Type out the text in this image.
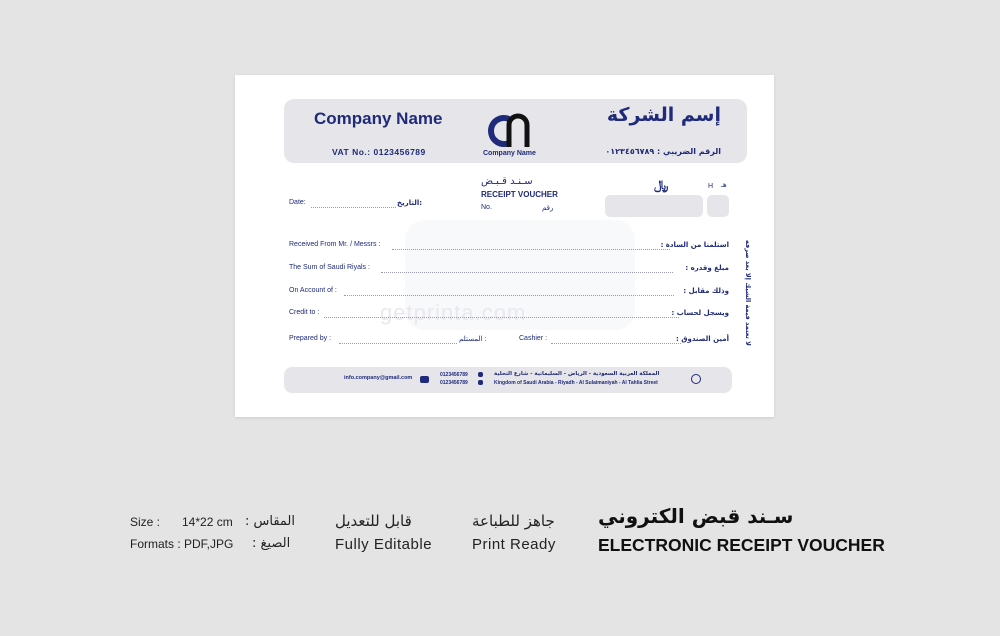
getprinta.com
Company Name
VAT No.: 0123456789	Company Name
إسم الشركة
الرقم الضريبي : ٠١٢٣٤٥٦٧٨٩
سـنـد قـبـض
RECEIPT VOUCHER
No.	رقم
﷼	H هـ
Date:	التاريخ:
Received From Mr. / Messrs :	استلمنا من السادة :
The Sum of Saudi Riyals :	مبلغ وقدره :
On Account of :	وذلك مقابل :
Credit to :	ويسجل لحساب :
Prepared by :	المستلم :	Cashier :	أمين الصندوق :	لا تعتمد قيمة الشيك إلا بعد صرفه
info.company@gmail.com	0123456789
0123456789
المملكة العربية السعودية - الرياض - السليمانية - شارع التحلية
Kingdom of Saudi Arabia - Riyadh - Al Sulaimaniyah - Al Tahlia Street
Size : 14*22 cm المقاس :
Formats : PDF,JPG الصيغ :
قابل للتعديل
Fully Editable
جاهز للطباعة
Print Ready
سـند قبض الكتروني
ELECTRONIC RECEIPT VOUCHER
